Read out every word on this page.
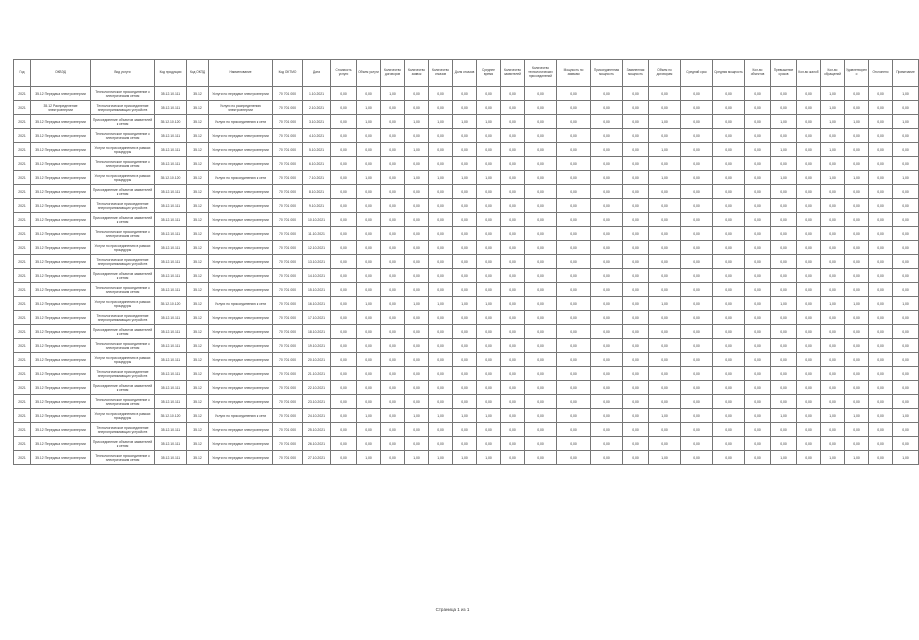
Год	ОКВЭД	Вид услуги	Код продукции	Код ОКПД	Наименование	Код ОКТМО	Дата	Стоимость услуги	Объем услуги	Количество договоров	Количество заявок	Количество отказов	Доля отказов	Среднее время	Количество заявителей	Количество технологических присоединений	Мощность по заявкам	Присоединенная мощность	Заявленная мощность	Объем по договорам	Средний срок	Средняя мощность	Кол-во объектов	Превышение сроков	Кол-во жалоб	Кол-во обращений	Удовлетворено	Отклонено	Примечание
2021	35.12 Передача электроэнергии	Технологическое присоединение к электрическим сетям	35.12.10.111	35.12	Услуги по передаче электроэнергии	70 701 000	1.10.2021	0,00	0,00	1,00	0,00	0,00	0,00	0,00	0,00	0,00	0,00	0,00	0,00	0,00	0,00	0,00	0,00	0,00	0,00	1,00	0,00	0,00	1,00
2021	35.12 Распределение электроэнергии	Технологическое присоединение энергопринимающих устройств	35.12.10.111	35.12	Услуги по распределению электроэнергии	70 701 000	2.10.2021	0,00	1,00	0,00	0,00	0,00	0,00	0,00	0,00	0,00	0,00	0,00	0,00	0,00	0,00	0,00	0,00	0,00	0,00	1,00	0,00	0,00	0,00
2021	35.12 Передача электроэнергии	Присоединение объектов заявителей к сетям	35.12.10.120	35.12	Услуги по присоединению к сети	70 701 000	3.10.2021	0,00	1,00	0,00	1,00	1,00	1,00	1,00	0,00	0,00	0,00	0,00	0,00	1,00	0,00	0,00	0,00	1,00	0,00	1,00	1,00	0,00	1,00
2021	35.12 Передача электроэнергии	Технологическое присоединение к электрическим сетям	35.12.10.111	35.12	Услуги по передаче электроэнергии	70 701 000	4.10.2021	0,00	0,00	0,00	0,00	0,00	0,00	0,00	0,00	0,00	0,00	0,00	0,00	0,00	0,00	0,00	0,00	0,00	0,00	0,00	0,00	0,00	0,00
2021	35.12 Передача электроэнергии	Услуги по присоединению в рамках процедуры	35.12.10.111	35.12	Услуги по передаче электроэнергии	70 701 000	5.10.2021	0,00	0,00	0,00	1,00	0,00	0,00	0,00	0,00	0,00	0,00	0,00	0,00	1,00	0,00	0,00	0,00	1,00	0,00	1,00	0,00	0,00	0,00
2021	35.12 Передача электроэнергии	Технологическое присоединение к электрическим сетям	35.12.10.111	35.12	Услуги по передаче электроэнергии	70 701 000	6.10.2021	0,00	0,00	0,00	0,00	0,00	0,00	0,00	0,00	0,00	0,00	0,00	0,00	0,00	0,00	0,00	0,00	0,00	0,00	0,00	0,00	0,00	0,00
2021	35.12 Передача электроэнергии	Услуги по присоединению в рамках процедуры	35.12.10.120	35.12	Услуги по присоединению к сети	70 701 000	7.10.2021	0,00	1,00	0,00	1,00	1,00	1,00	1,00	0,00	0,00	0,00	0,00	0,00	1,00	0,00	0,00	0,00	1,00	0,00	1,00	1,00	0,00	1,00
2021	35.12 Передача электроэнергии	Присоединение объектов заявителей к сетям	35.12.10.111	35.12	Услуги по передаче электроэнергии	70 701 000	8.10.2021	0,00	0,00	0,00	0,00	0,00	0,00	0,00	0,00	0,00	0,00	0,00	0,00	0,00	0,00	0,00	0,00	0,00	0,00	0,00	0,00	0,00	0,00
2021	35.12 Передача электроэнергии	Технологическое присоединение энергопринимающих устройств	35.12.10.111	35.12	Услуги по передаче электроэнергии	70 701 000	9.10.2021	0,00	0,00	0,00	0,00	0,00	0,00	0,00	0,00	0,00	0,00	0,00	0,00	0,00	0,00	0,00	0,00	0,00	0,00	0,00	0,00	0,00	0,00
2021	35.12 Передача электроэнергии	Присоединение объектов заявителей к сетям	35.12.10.111	35.12	Услуги по передаче электроэнергии	70 701 000	10.10.2021	0,00	0,00	0,00	0,00	0,00	0,00	0,00	0,00	0,00	0,00	0,00	0,00	0,00	0,00	0,00	0,00	0,00	0,00	0,00	0,00	0,00	0,00
2021	35.12 Передача электроэнергии	Технологическое присоединение к электрическим сетям	35.12.10.111	35.12	Услуги по передаче электроэнергии	70 701 000	11.10.2021	0,00	0,00	0,00	0,00	0,00	0,00	0,00	0,00	0,00	0,00	0,00	0,00	0,00	0,00	0,00	0,00	0,00	0,00	0,00	0,00	0,00	0,00
2021	35.12 Передача электроэнергии	Услуги по присоединению в рамках процедуры	35.12.10.111	35.12	Услуги по передаче электроэнергии	70 701 000	12.10.2021	0,00	0,00	0,00	0,00	0,00	0,00	0,00	0,00	0,00	0,00	0,00	0,00	0,00	0,00	0,00	0,00	0,00	0,00	0,00	0,00	0,00	0,00
2021	35.12 Передача электроэнергии	Технологическое присоединение энергопринимающих устройств	35.12.10.111	35.12	Услуги по передаче электроэнергии	70 701 000	13.10.2021	0,00	0,00	0,00	0,00	0,00	0,00	0,00	0,00	0,00	0,00	0,00	0,00	0,00	0,00	0,00	0,00	0,00	0,00	0,00	0,00	0,00	0,00
2021	35.12 Передача электроэнергии	Присоединение объектов заявителей к сетям	35.12.10.111	35.12	Услуги по передаче электроэнергии	70 701 000	14.10.2021	0,00	0,00	0,00	0,00	0,00	0,00	0,00	0,00	0,00	0,00	0,00	0,00	0,00	0,00	0,00	0,00	0,00	0,00	0,00	0,00	0,00	0,00
2021	35.12 Передача электроэнергии	Технологическое присоединение к электрическим сетям	35.12.10.111	35.12	Услуги по передаче электроэнергии	70 701 000	15.10.2021	0,00	0,00	0,00	0,00	0,00	0,00	0,00	0,00	0,00	0,00	0,00	0,00	0,00	0,00	0,00	0,00	0,00	0,00	0,00	0,00	0,00	0,00
2021	35.12 Передача электроэнергии	Услуги по присоединению в рамках процедуры	35.12.10.120	35.12	Услуги по присоединению к сети	70 701 000	16.10.2021	0,00	1,00	0,00	1,00	1,00	1,00	1,00	0,00	0,00	0,00	0,00	0,00	1,00	0,00	0,00	0,00	1,00	0,00	1,00	1,00	0,00	1,00
2021	35.12 Передача электроэнергии	Технологическое присоединение энергопринимающих устройств	35.12.10.111	35.12	Услуги по передаче электроэнергии	70 701 000	17.10.2021	0,00	0,00	0,00	0,00	0,00	0,00	0,00	0,00	0,00	0,00	0,00	0,00	0,00	0,00	0,00	0,00	0,00	0,00	0,00	0,00	0,00	0,00
2021	35.12 Передача электроэнергии	Присоединение объектов заявителей к сетям	35.12.10.111	35.12	Услуги по передаче электроэнергии	70 701 000	18.10.2021	0,00	0,00	0,00	0,00	0,00	0,00	0,00	0,00	0,00	0,00	0,00	0,00	0,00	0,00	0,00	0,00	0,00	0,00	0,00	0,00	0,00	0,00
2021	35.12 Передача электроэнергии	Технологическое присоединение к электрическим сетям	35.12.10.111	35.12	Услуги по передаче электроэнергии	70 701 000	19.10.2021	0,00	0,00	0,00	0,00	0,00	0,00	0,00	0,00	0,00	0,00	0,00	0,00	0,00	0,00	0,00	0,00	0,00	0,00	0,00	0,00	0,00	0,00
2021	35.12 Передача электроэнергии	Услуги по присоединению в рамках процедуры	35.12.10.111	35.12	Услуги по передаче электроэнергии	70 701 000	20.10.2021	0,00	0,00	0,00	0,00	0,00	0,00	0,00	0,00	0,00	0,00	0,00	0,00	0,00	0,00	0,00	0,00	0,00	0,00	0,00	0,00	0,00	0,00
2021	35.12 Передача электроэнергии	Технологическое присоединение энергопринимающих устройств	35.12.10.111	35.12	Услуги по передаче электроэнергии	70 701 000	21.10.2021	0,00	0,00	0,00	0,00	0,00	0,00	0,00	0,00	0,00	0,00	0,00	0,00	0,00	0,00	0,00	0,00	0,00	0,00	0,00	0,00	0,00	0,00
2021	35.12 Передача электроэнергии	Присоединение объектов заявителей к сетям	35.12.10.111	35.12	Услуги по передаче электроэнергии	70 701 000	22.10.2021	0,00	0,00	0,00	0,00	0,00	0,00	0,00	0,00	0,00	0,00	0,00	0,00	0,00	0,00	0,00	0,00	0,00	0,00	0,00	0,00	0,00	0,00
2021	35.12 Передача электроэнергии	Технологическое присоединение к электрическим сетям	35.12.10.111	35.12	Услуги по передаче электроэнергии	70 701 000	23.10.2021	0,00	0,00	0,00	0,00	0,00	0,00	0,00	0,00	0,00	0,00	0,00	0,00	0,00	0,00	0,00	0,00	0,00	0,00	0,00	0,00	0,00	0,00
2021	35.12 Передача электроэнергии	Услуги по присоединению в рамках процедуры	35.12.10.120	35.12	Услуги по присоединению к сети	70 701 000	24.10.2021	0,00	1,00	0,00	1,00	1,00	1,00	1,00	0,00	0,00	0,00	0,00	0,00	1,00	0,00	0,00	0,00	1,00	0,00	1,00	1,00	0,00	1,00
2021	35.12 Передача электроэнергии	Технологическое присоединение энергопринимающих устройств	35.12.10.111	35.12	Услуги по передаче электроэнергии	70 701 000	25.10.2021	0,00	0,00	0,00	0,00	0,00	0,00	0,00	0,00	0,00	0,00	0,00	0,00	0,00	0,00	0,00	0,00	0,00	0,00	0,00	0,00	0,00	0,00
2021	35.12 Передача электроэнергии	Присоединение объектов заявителей к сетям	35.12.10.111	35.12	Услуги по передаче электроэнергии	70 701 000	26.10.2021	0,00	0,00	0,00	0,00	0,00	0,00	0,00	0,00	0,00	0,00	0,00	0,00	0,00	0,00	0,00	0,00	0,00	0,00	0,00	0,00	0,00	0,00
2021	35.12 Передача электроэнергии	Технологическое присоединение к электрическим сетям	35.12.10.111	35.12	Услуги по передаче электроэнергии	70 701 000	27.10.2021	0,00	1,00	0,00	1,00	1,00	1,00	1,00	0,00	0,00	0,00	0,00	0,00	1,00	0,00	0,00	0,00	1,00	0,00	1,00	1,00	0,00	1,00
Страница 1 из 1
